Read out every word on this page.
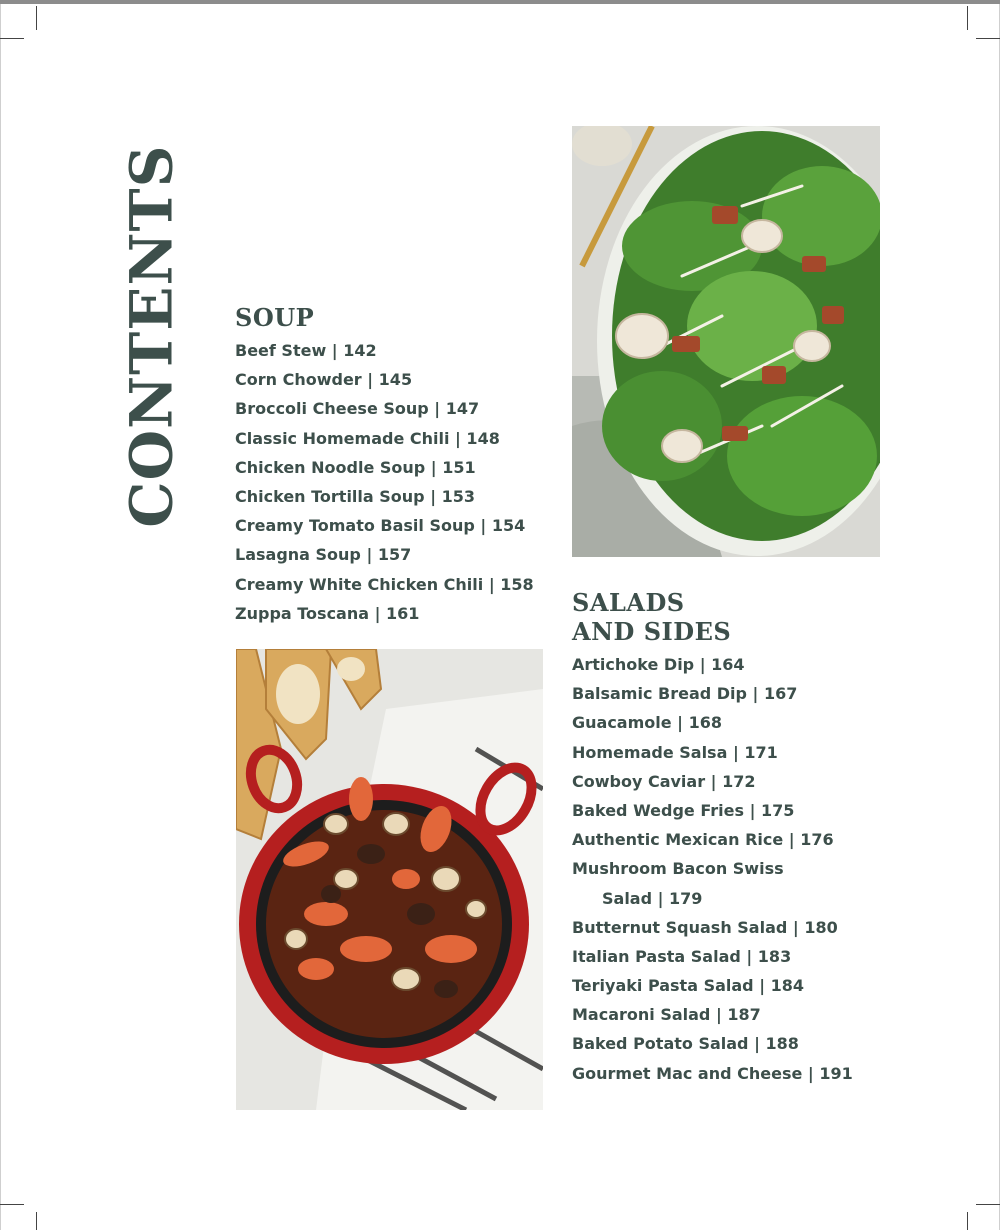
CONTENTS SOUP
Beef Stew | 142
Corn Chowder | 145
Broccoli Cheese Soup | 147
Classic Homemade Chili | 148
Chicken Noodle Soup | 151
Chicken Tortilla Soup | 153
Creamy Tomato Basil Soup | 154
Lasagna Soup | 157
Creamy White Chicken Chili | 158
Zuppa Toscana | 161	SALADS
AND SIDES
Artichoke Dip | 164
Balsamic Bread Dip | 167
Guacamole | 168
Homemade Salsa | 171
Cowboy Caviar | 172
Baked Wedge Fries | 175
Authentic Mexican Rice | 176
Mushroom Bacon Swiss
Salad | 179
Butternut Squash Salad | 180
Italian Pasta Salad | 183
Teriyaki Pasta Salad | 184
Macaroni Salad | 187
Baked Potato Salad | 188
Gourmet Mac and Cheese | 191
